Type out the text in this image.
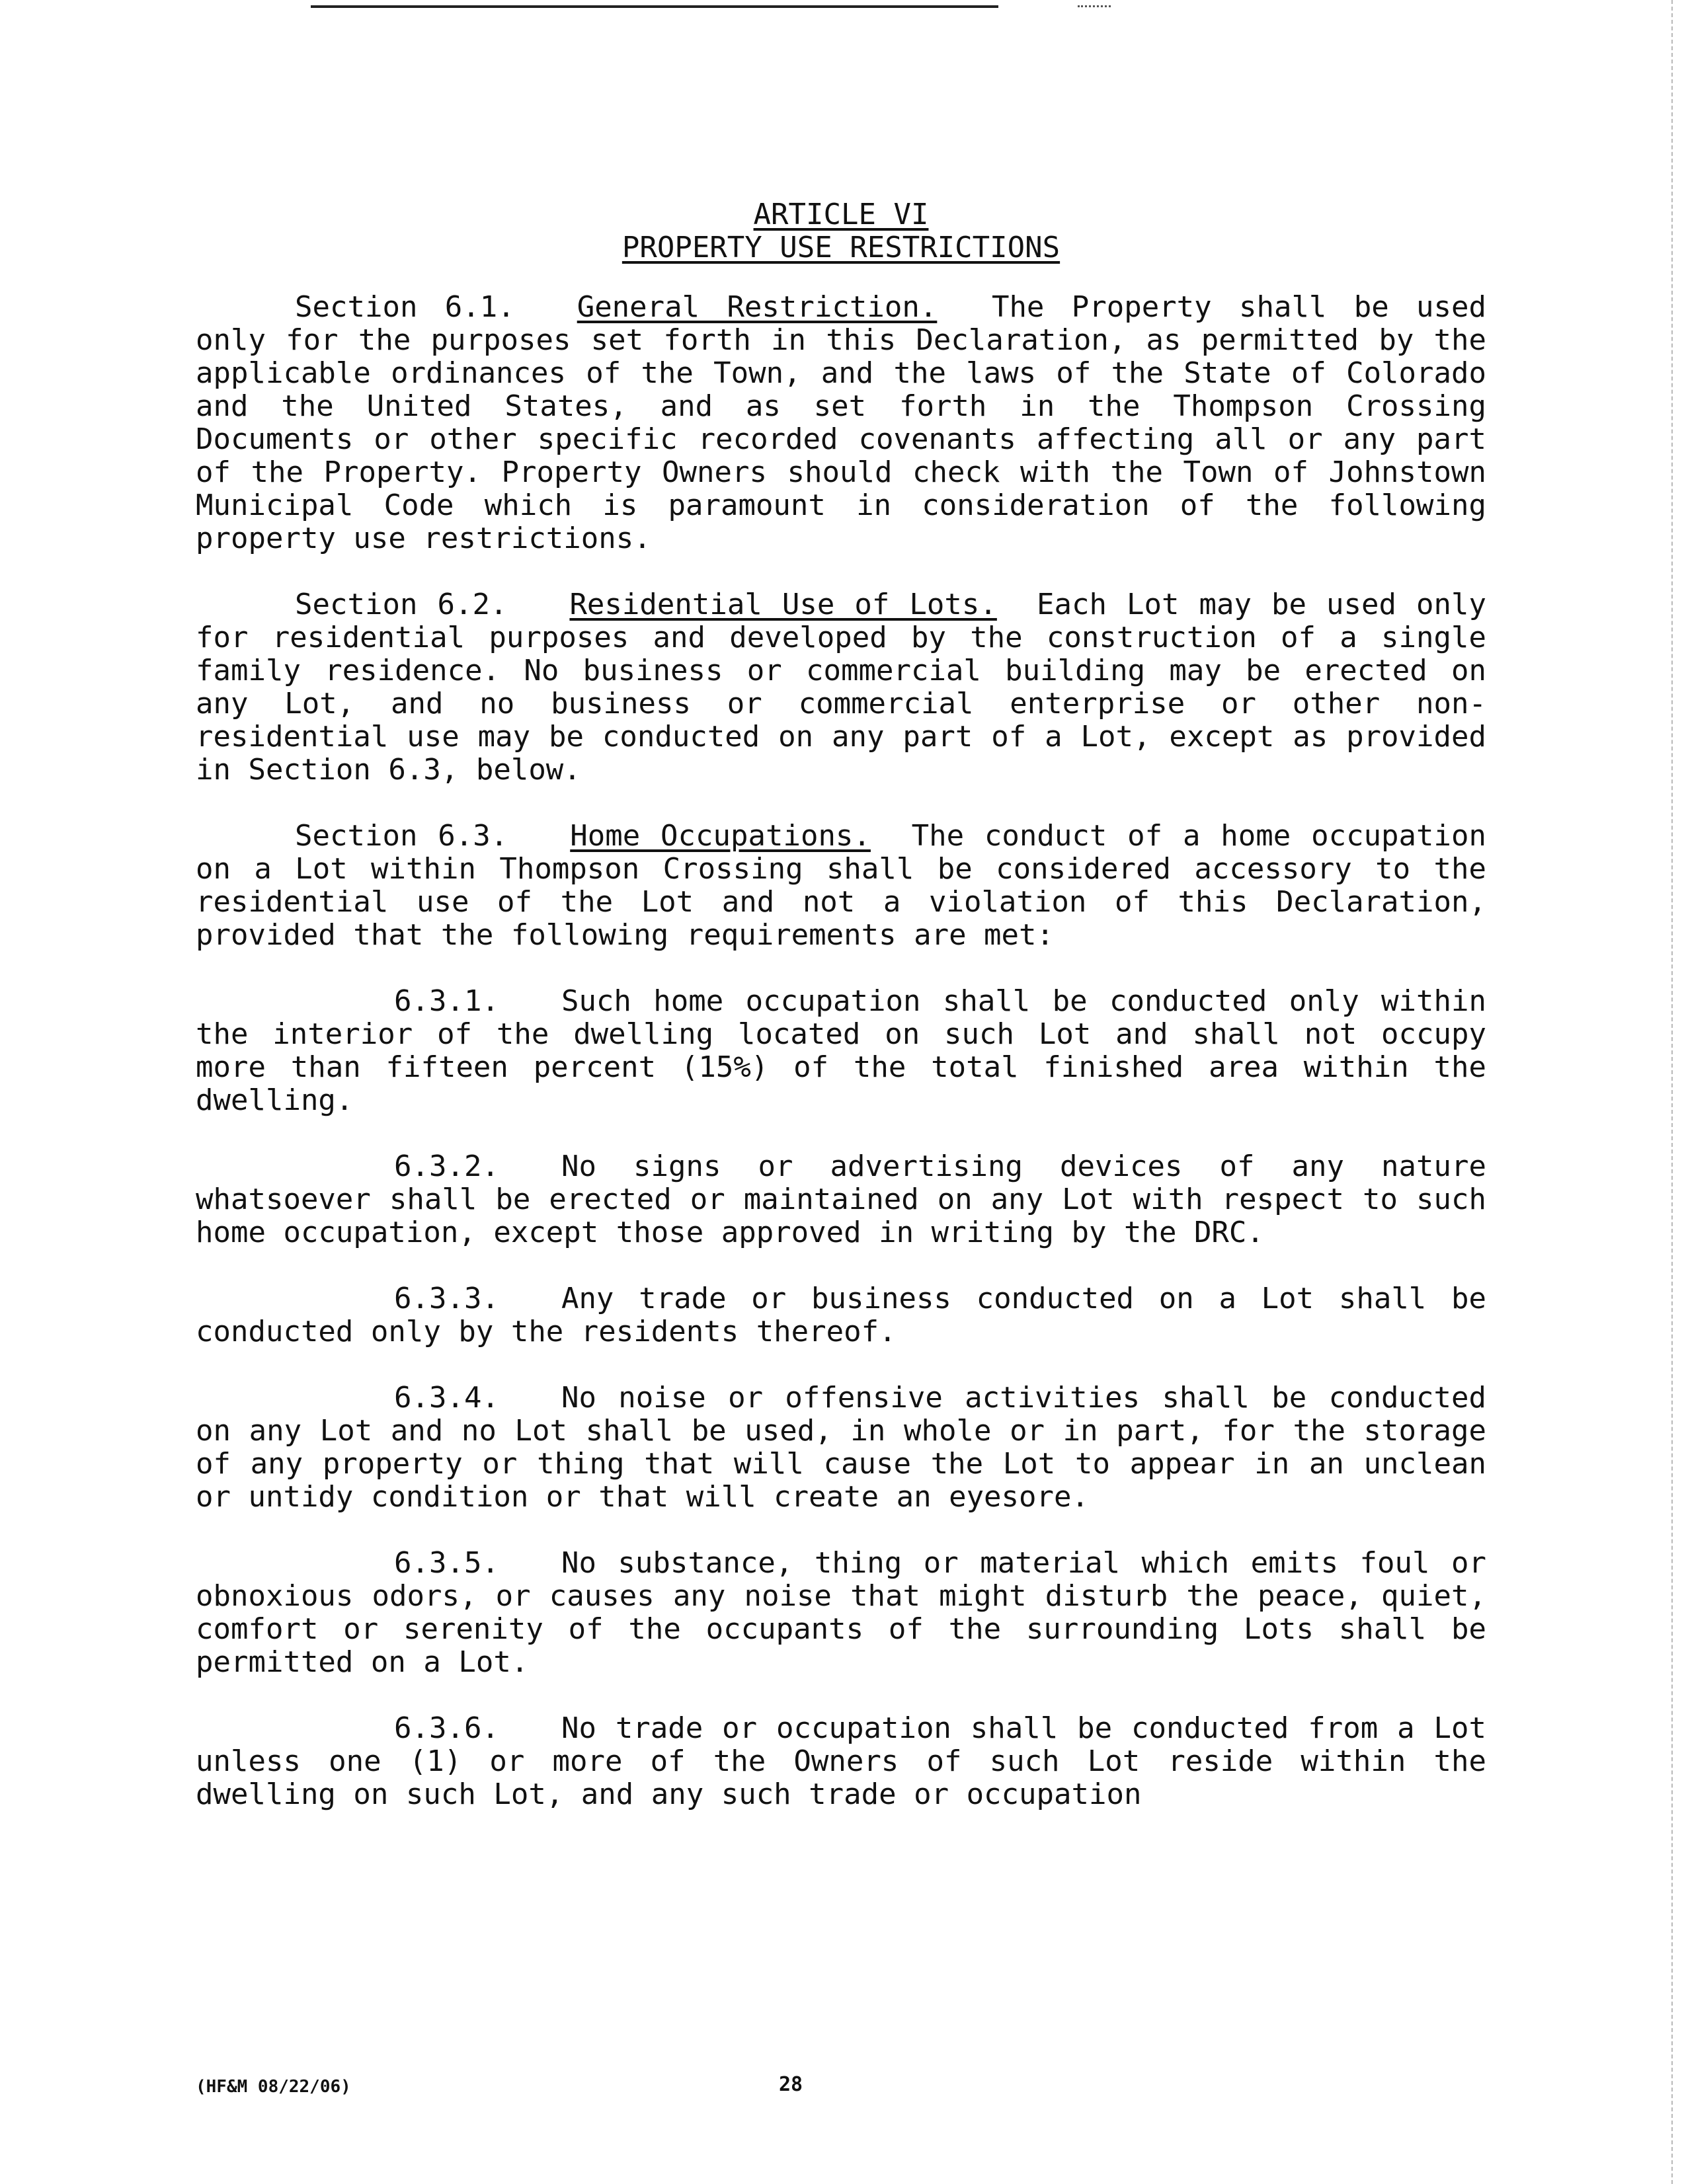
ARTICLE VI
PROPERTY USE RESTRICTIONS

Section 6.1. General Restriction. The Property shall be used only for the purposes set forth in this Declaration, as permitted by the applicable ordinances of the Town, and the laws of the State of Colorado and the United States, and as set forth in the Thompson Crossing Documents or other specific recorded covenants affecting all or any part of the Property. Property Owners should check with the Town of Johnstown Municipal Code which is paramount in consideration of the following property use restrictions.

Section 6.2. Residential Use of Lots. Each Lot may be used only for residential purposes and developed by the construction of a single family residence. No business or commercial building may be erected on any Lot, and no business or commercial enterprise or other non-residential use may be conducted on any part of a Lot, except as provided in Section 6.3, below.

Section 6.3. Home Occupations. The conduct of a home occupation on a Lot within Thompson Crossing shall be considered accessory to the residential use of the Lot and not a violation of this Declaration, provided that the following requirements are met:

6.3.1. Such home occupation shall be conducted only within the interior of the dwelling located on such Lot and shall not occupy more than fifteen percent (15%) of the total finished area within the dwelling.

6.3.2. No signs or advertising devices of any nature whatsoever shall be erected or maintained on any Lot with respect to such home occupation, except those approved in writing by the DRC.

6.3.3. Any trade or business conducted on a Lot shall be conducted only by the residents thereof.

6.3.4. No noise or offensive activities shall be conducted on any Lot and no Lot shall be used, in whole or in part, for the storage of any property or thing that will cause the Lot to appear in an unclean or untidy condition or that will create an eyesore.

6.3.5. No substance, thing or material which emits foul or obnoxious odors, or causes any noise that might disturb the peace, quiet, comfort or serenity of the occupants of the surrounding Lots shall be permitted on a Lot.

6.3.6. No trade or occupation shall be conducted from a Lot unless one (1) or more of the Owners of such Lot reside within the dwelling on such Lot, and any such trade or occupation

(HF&M 08/22/06)	28
